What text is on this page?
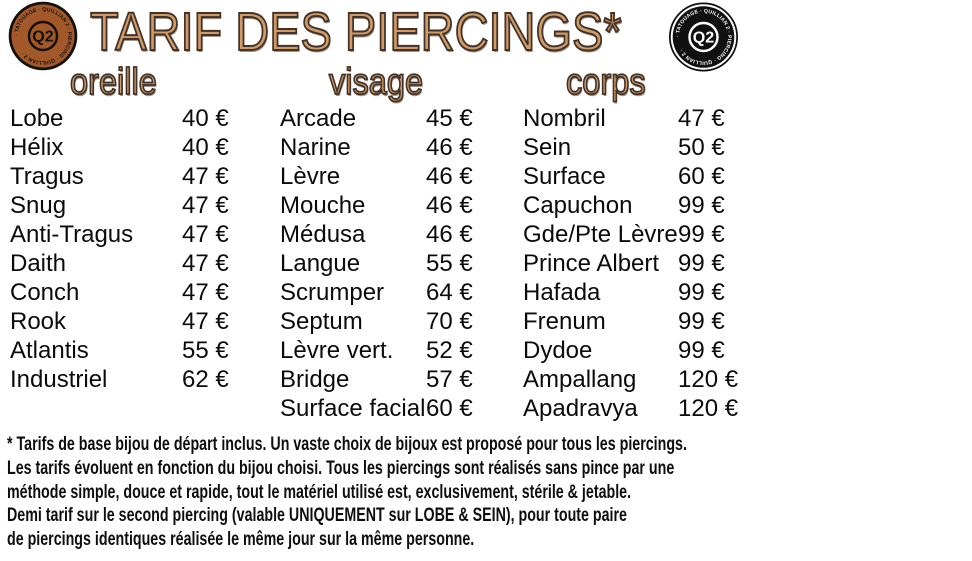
· TATOUAGE · QUILLIAN 2 · PIERCING · QUILLIAN 2 ·
Q2 TARIF DES PIERCINGS*	· TATOUAGE · QUILLIAN 2 · PIERCING · QUILLIAN 2 ·
Q2
oreille	visage	corps
Lobe	40 €
Hélix	40 €
Tragus	47 €
Snug	47 €
Anti-Tragus	47 €
Daith	47 €
Conch	47 €
Rook	47 €
Atlantis	55 €
Industriel	62 €
Arcade	45 €
Narine	46 €
Lèvre	46 €
Mouche	46 €
Médusa	46 €
Langue	55 €
Scrumper	64 €
Septum	70 €
Lèvre vert.	52 €
Bridge	57 €
Surface facial 60 €
Nombril	47 €
Sein	50 €
Surface	60 €
Capuchon	99 €
Gde/Pte Lèvre 99 €
Prince Albert 99 €
Hafada	99 €
Frenum	99 €
Dydoe	99 €
Ampallang	120 €
Apadravya	120 €
* Tarifs de base bijou de départ inclus. Un vaste choix de bijoux est proposé pour tous les piercings.
Les tarifs évoluent en fonction du bijou choisi. Tous les piercings sont réalisés sans pince par une
méthode simple, douce et rapide, tout le matériel utilisé est, exclusivement, stérile & jetable.
Demi tarif sur le second piercing (valable UNIQUEMENT sur LOBE & SEIN), pour toute paire
de piercings identiques réalisée le même jour sur la même personne.
